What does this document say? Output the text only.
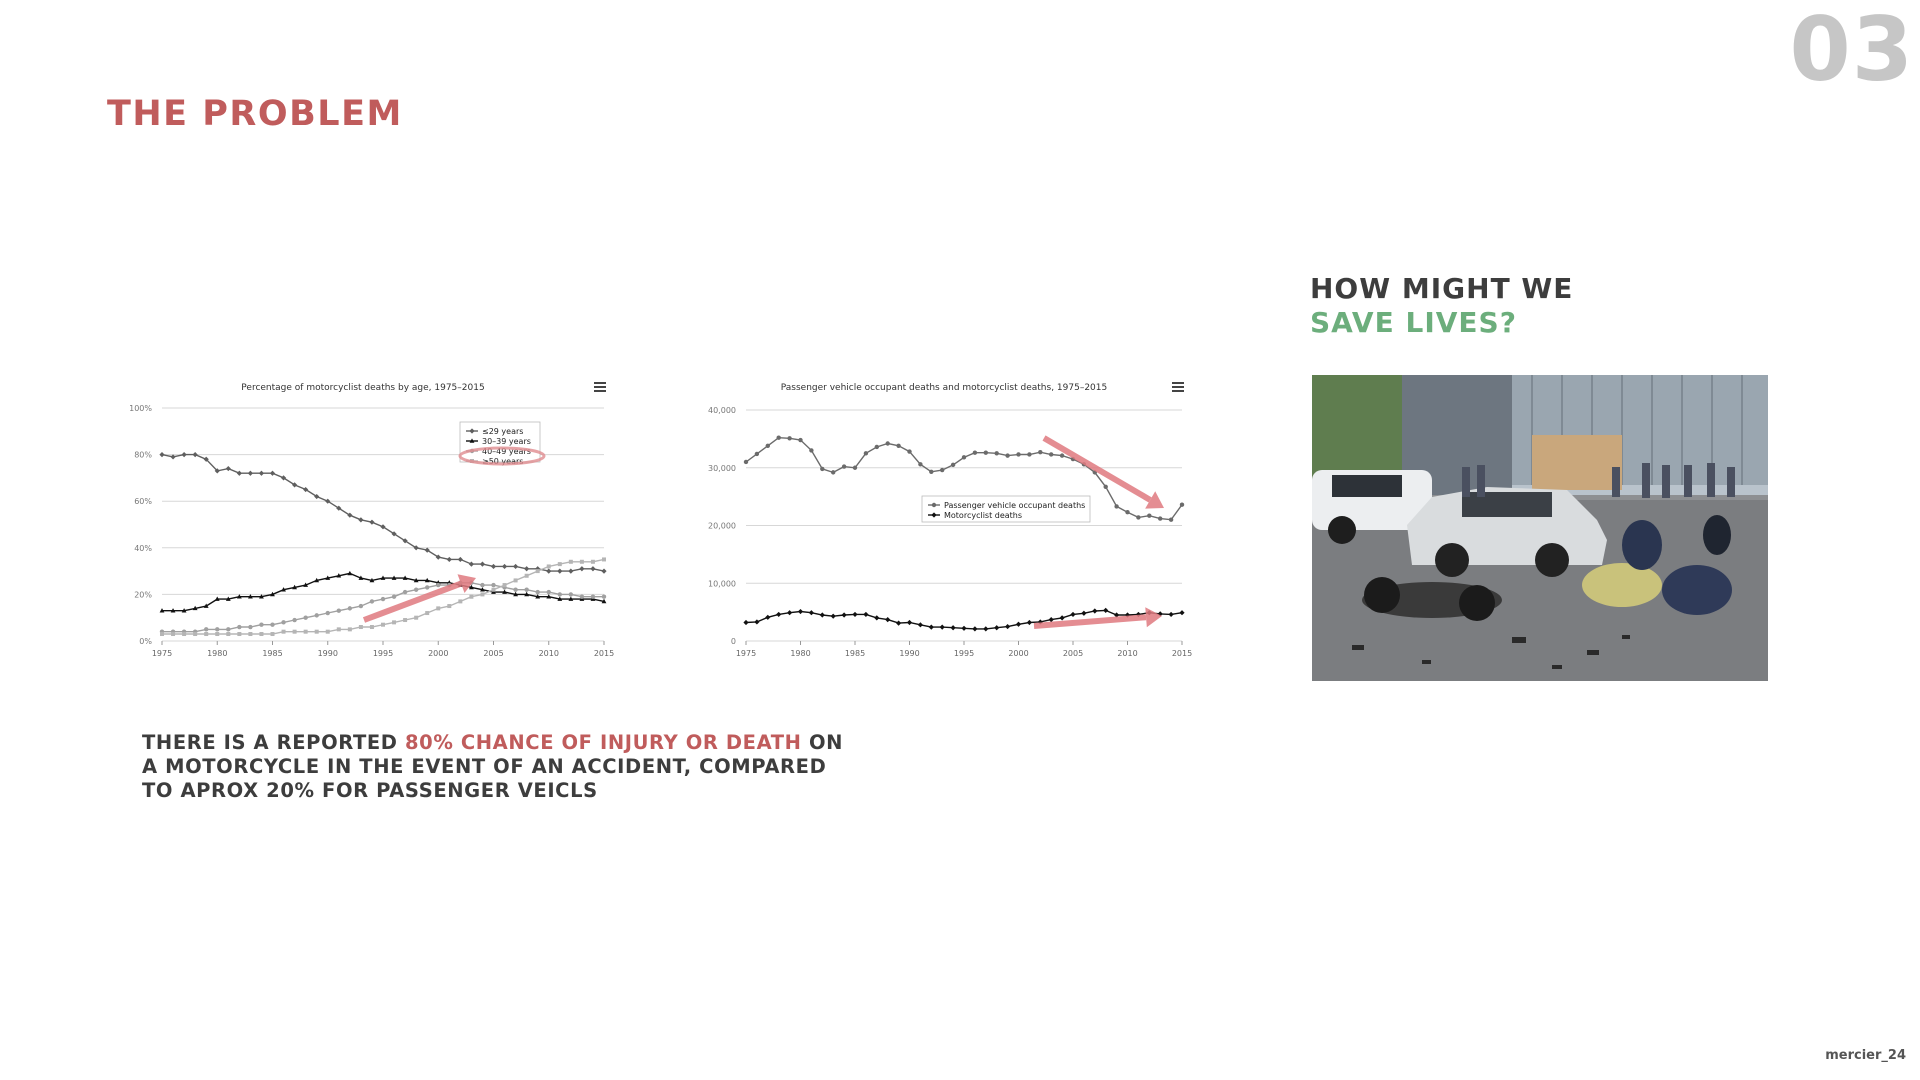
03
THE PROBLEM
Percentage of motorcyclist deaths by age, 1975–2015
0%
20%
40%
60%
80%
100%
1975	1980	1985	1990	1995	2000	2005	2010	2015
≤29 years
30–39 years
40–49 years
≥50 years
Passenger vehicle occupant deaths and motorcyclist deaths, 1975–2015
0
10,000
20,000
30,000
40,000
1975	1980	1985	1990	1995	2000	2005	2010	2015
Passenger vehicle occupant deaths
Motorcyclist deaths
HOW MIGHT WE
SAVE LIVES?

THERE IS A REPORTED 80% CHANCE OF INJURY OR DEATH ON A MOTORCYCLE IN THE EVENT OF AN ACCIDENT, COMPARED TO APROX 20% FOR PASSENGER VEICLS

mercier_24
